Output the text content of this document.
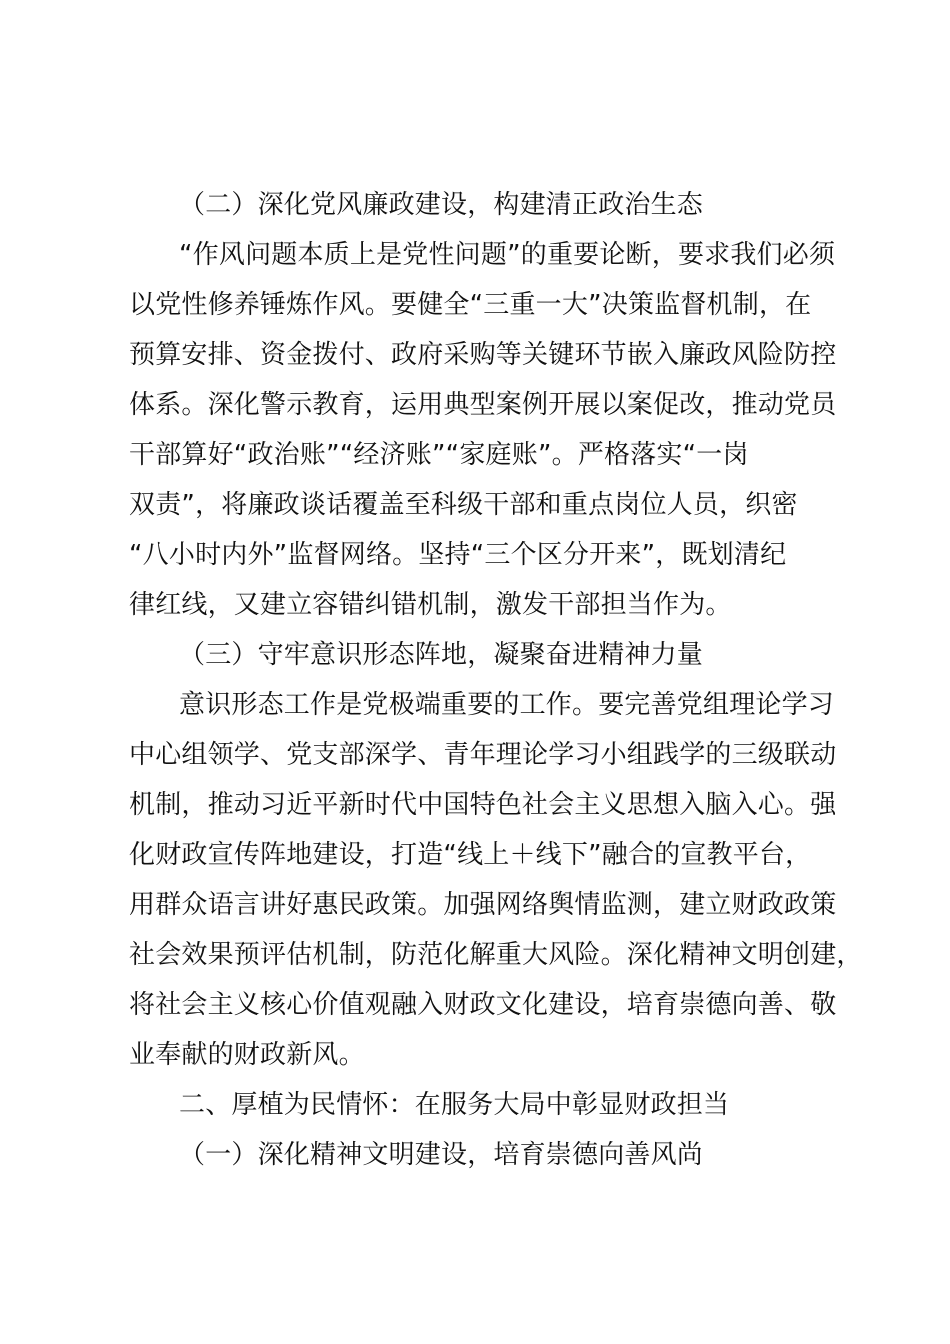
（二）深化党风廉政建设，构建清正政治生态
“作风问题本质上是党性问题”的重要论断，要求我们必须
以党性修养锤炼作风。要健全“三重一大”决策监督机制，在
预算安排、资金拨付、政府采购等关键环节嵌入廉政风险防控
体系。深化警示教育，运用典型案例开展以案促改，推动党员
干部算好“政治账”“经济账”“家庭账”。严格落实“一岗
双责”，将廉政谈话覆盖至科级干部和重点岗位人员，织密
“八小时内外”监督网络。坚持“三个区分开来”，既划清纪
律红线，又建立容错纠错机制，激发干部担当作为。
（三）守牢意识形态阵地，凝聚奋进精神力量
意识形态工作是党极端重要的工作。要完善党组理论学习
中心组领学、党支部深学、青年理论学习小组践学的三级联动
机制，推动习近平新时代中国特色社会主义思想入脑入心。强
化财政宣传阵地建设，打造“线上＋线下”融合的宣教平台，
用群众语言讲好惠民政策。加强网络舆情监测，建立财政政策
社会效果预评估机制，防范化解重大风险。深化精神文明创建，
将社会主义核心价值观融入财政文化建设，培育崇德向善、敬
业奉献的财政新风。
二、厚植为民情怀：在服务大局中彰显财政担当
（一）深化精神文明建设，培育崇德向善风尚
